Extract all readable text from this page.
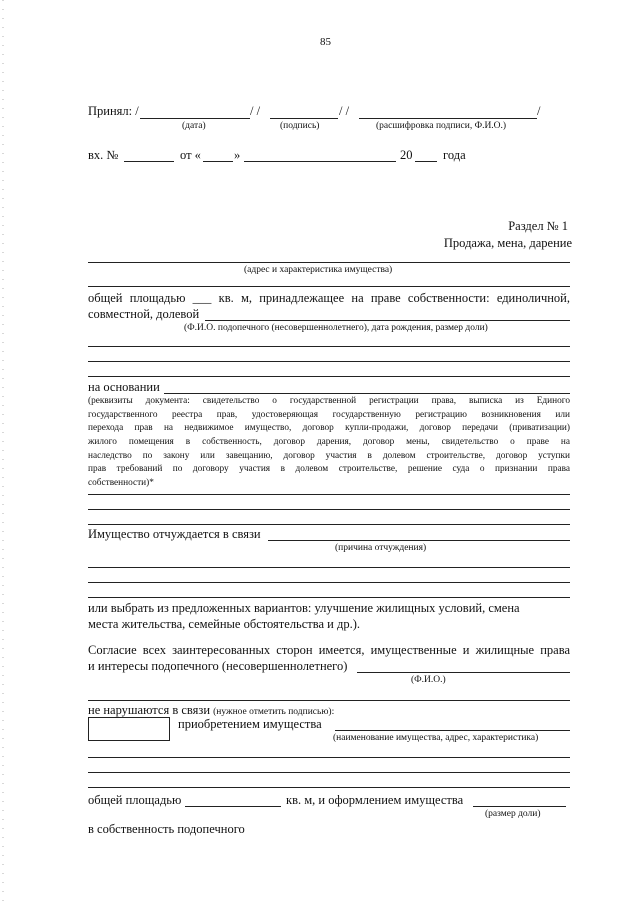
85
Принял: /	/ /	/ /	/
(дата)	(подпись)	(расшифровка подписи, Ф.И.О.)
вх. №	от «	»	20 года
Раздел № 1
Продажа, мена, дарение
(адрес и характеристика имущества)
общей площадью ___ кв. м, принадлежащее на праве собственности: единоличной,
совместной, долевой
(Ф.И.О. подопечного (несовершеннолетнего), дата рождения, размер доли)
на основании
(реквизиты документа: свидетельство о государственной регистрации права, выписка из Единого
государственного реестра прав, удостоверяющая государственную регистрацию возникновения или
перехода прав на недвижимое имущество, договор купли-продажи, договор передачи (приватизации)
жилого помещения в собственность, договор дарения, договор мены, свидетельство о праве на
наследство по закону или завещанию, договор участия в долевом строительстве, договор уступки
прав требований по договору участия в долевом строительстве, решение суда о признании права
собственности)*
Имущество отчуждается в связи
(причина отчуждения)
или выбрать из предложенных вариантов: улучшение жилищных условий, смена
места жительства, семейные обстоятельства и др.).
Согласие всех заинтересованных сторон имеется, имущественные и жилищные права
и интересы подопечного (несовершеннолетнего)
(Ф.И.О.)
не нарушаются в связи (нужное отметить подписью):
приобретением имущества
(наименование имущества, адрес, характеристика)
общей площадью	кв. м, и оформлением имущества
(размер доли)
в собственность подопечного
